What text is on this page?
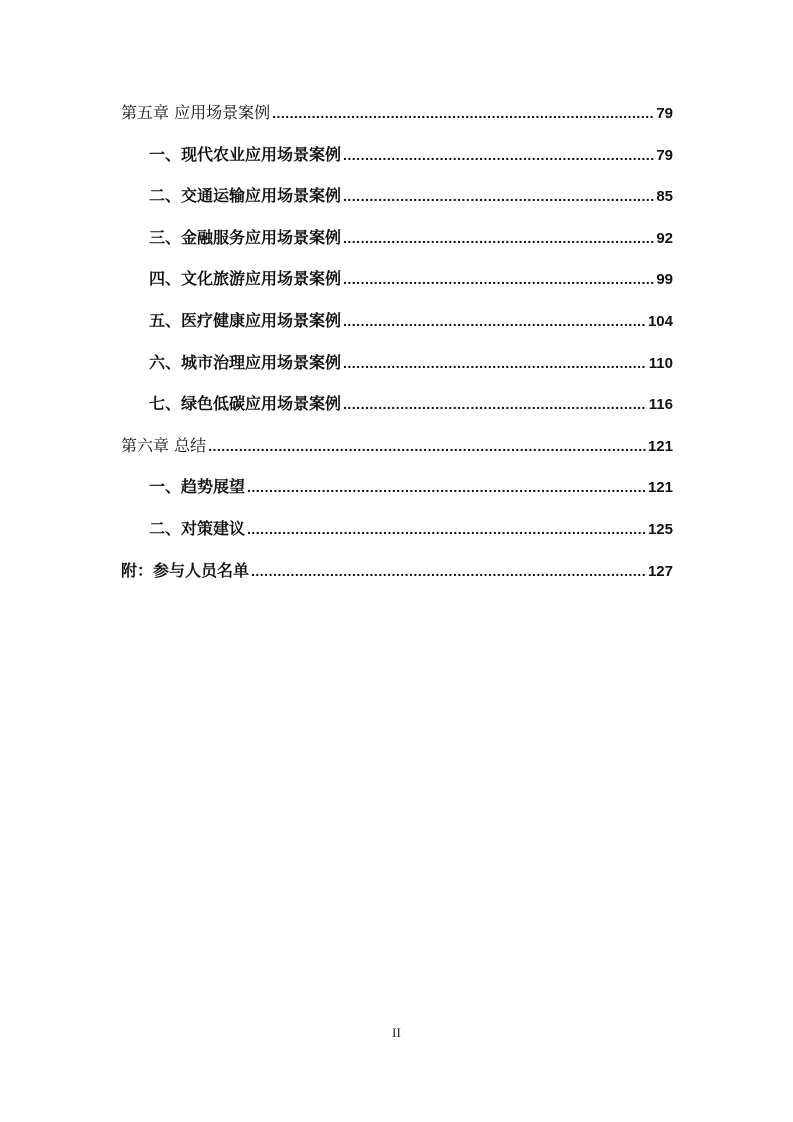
第五章 应用场景案例 .....	79
一、现代农业应用场景案例 .....	79
二、交通运输应用场景案例 .....	85
三、金融服务应用场景案例 .....	92
四、文化旅游应用场景案例 .....	99
五、医疗健康应用场景案例 .....	104
六、城市治理应用场景案例 .....	110
七、绿色低碳应用场景案例 .....	116
第六章 总结 .....	121
一、趋势展望 .....	121
二、对策建议 .....	125
附：参与人员名单 .....	127
II
